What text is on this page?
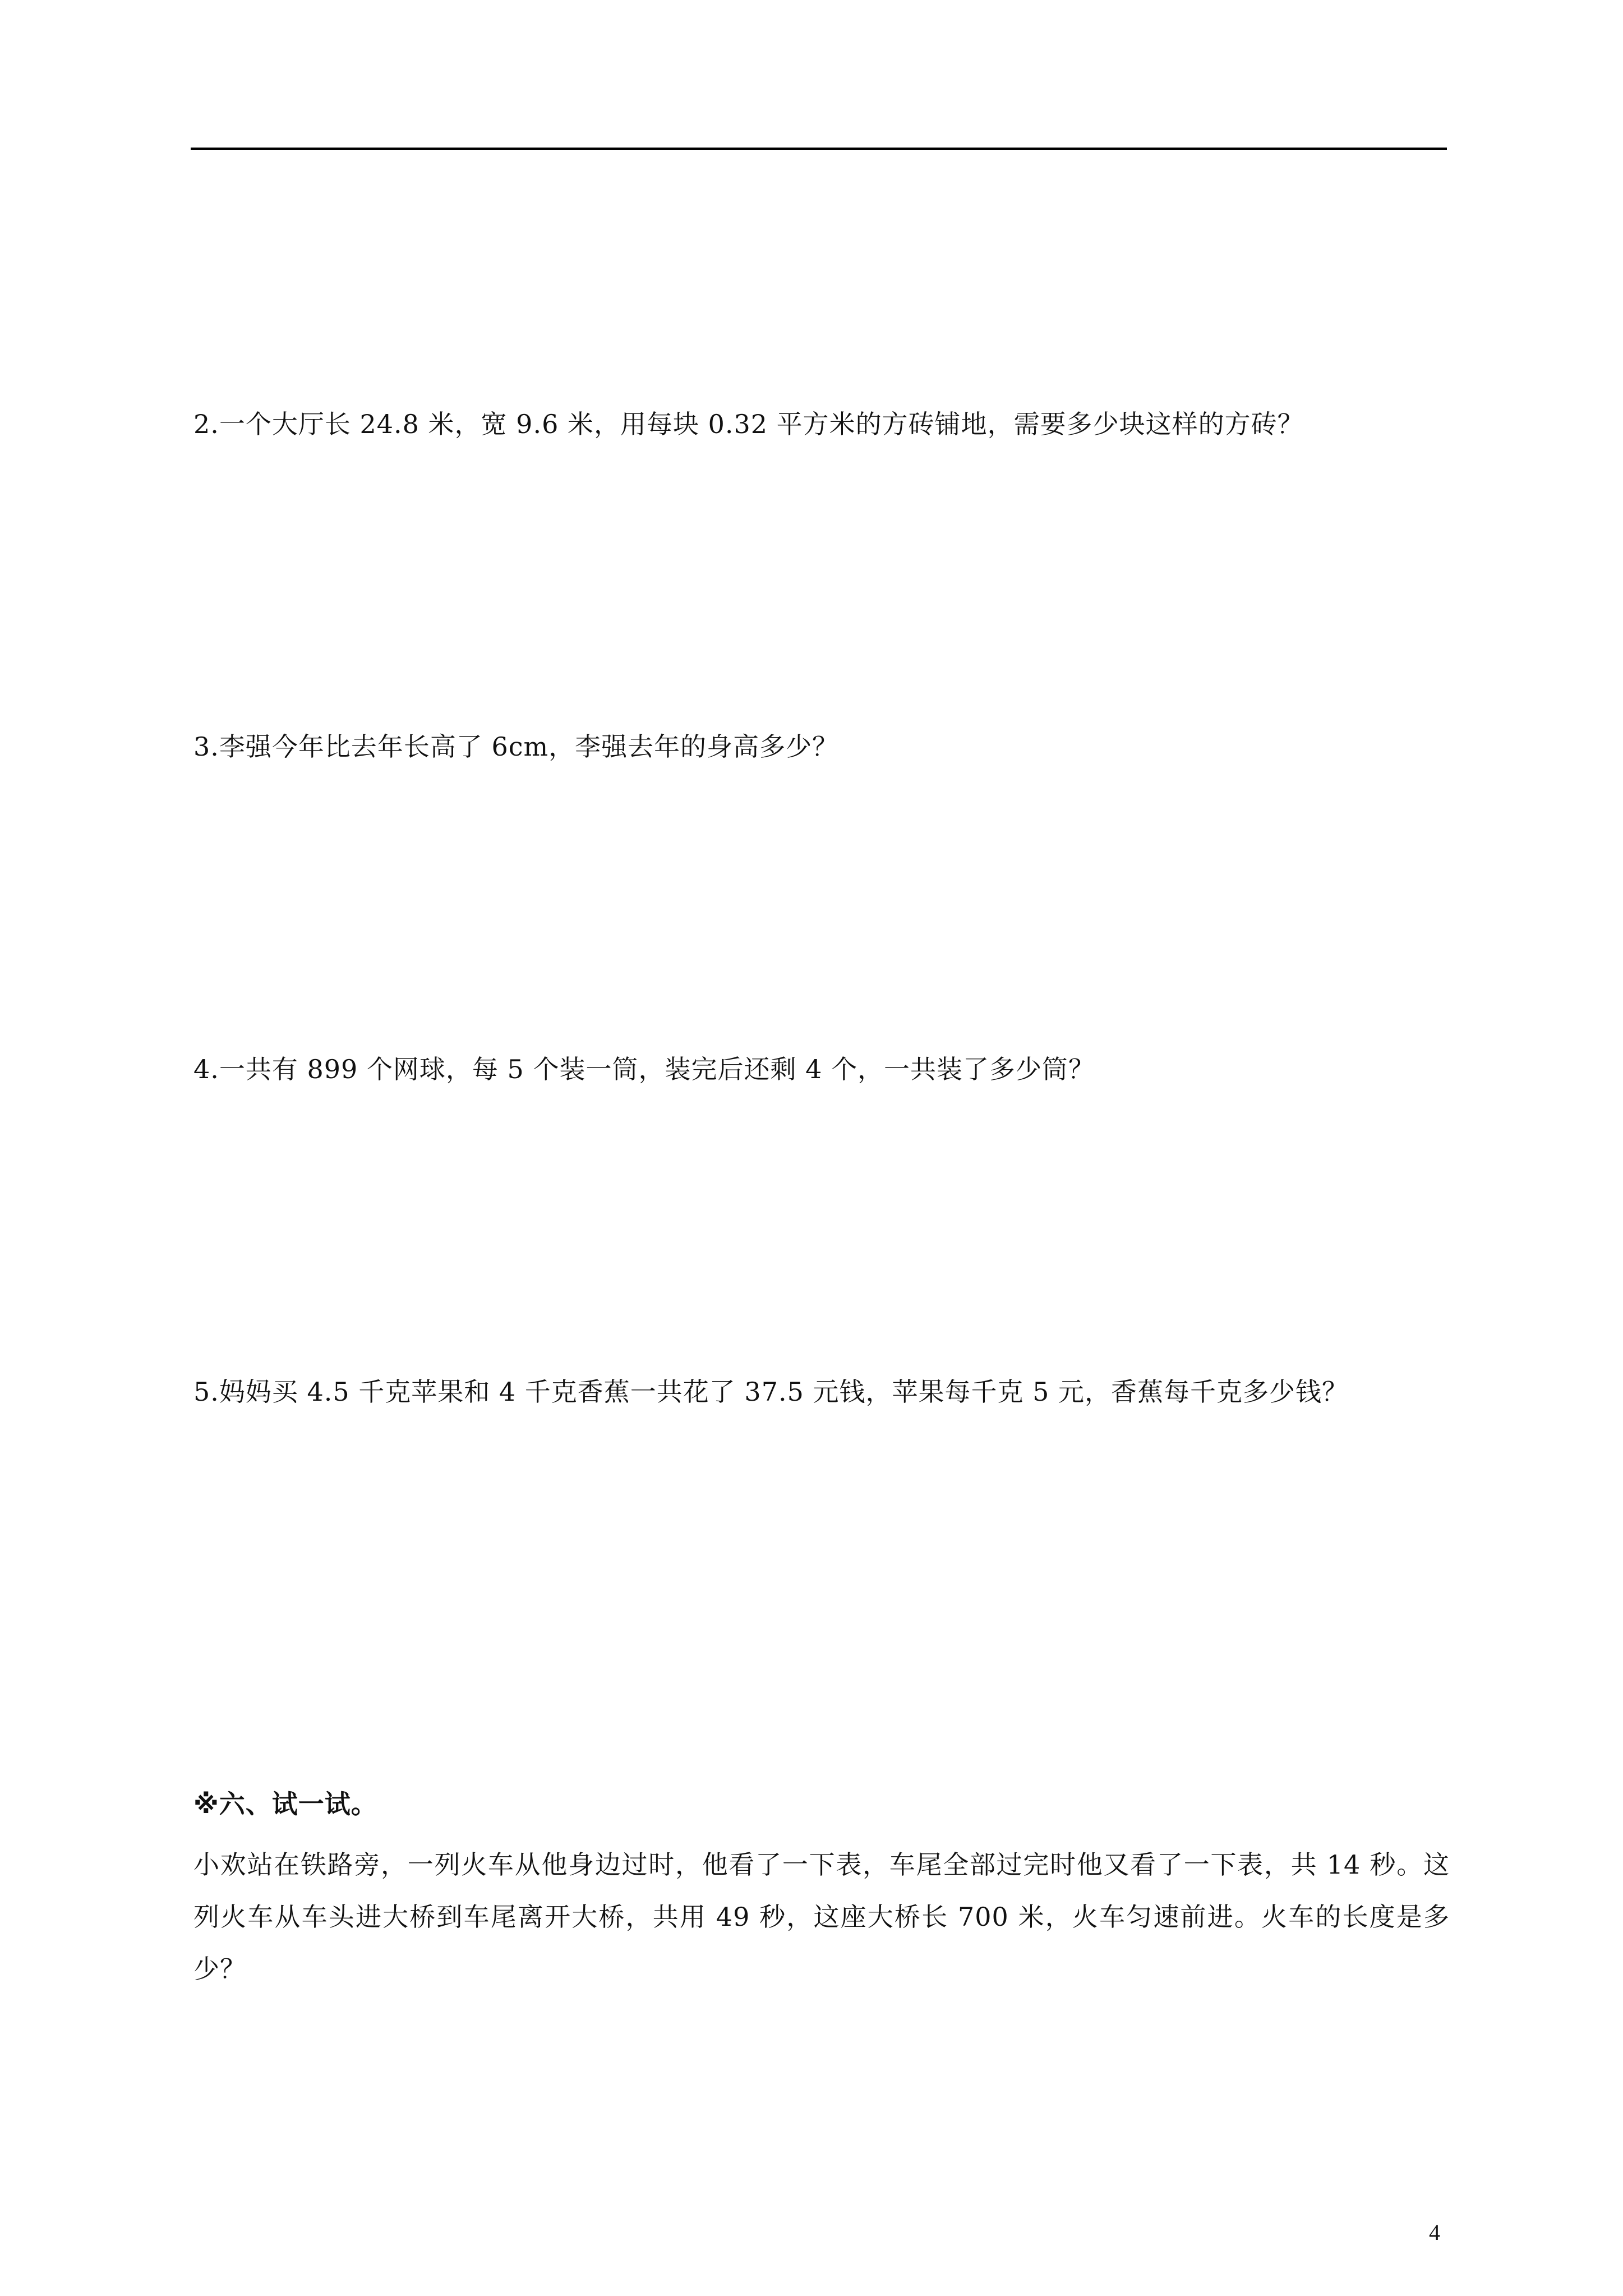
2.一个大厅长 24.8 米，宽 9.6 米，用每块 0.32 平方米的方砖铺地，需要多少块这样的方砖？
3.李强今年比去年长高了 6cm，李强去年的身高多少？
4.一共有 899 个网球，每 5 个装一筒，装完后还剩 4 个，一共装了多少筒？
5.妈妈买 4.5 千克苹果和 4 千克香蕉一共花了 37.5 元钱，苹果每千克 5 元，香蕉每千克多少钱？
※六、试一试。

小欢站在铁路旁，一列火车从他身边过时，他看了一下表，车尾全部过完时他又看了一下表，共 14 秒。这列火车从车头进大桥到车尾离开大桥，共用 49 秒，这座大桥长 700 米，火车匀速前进。火车的长度是多少？

4
